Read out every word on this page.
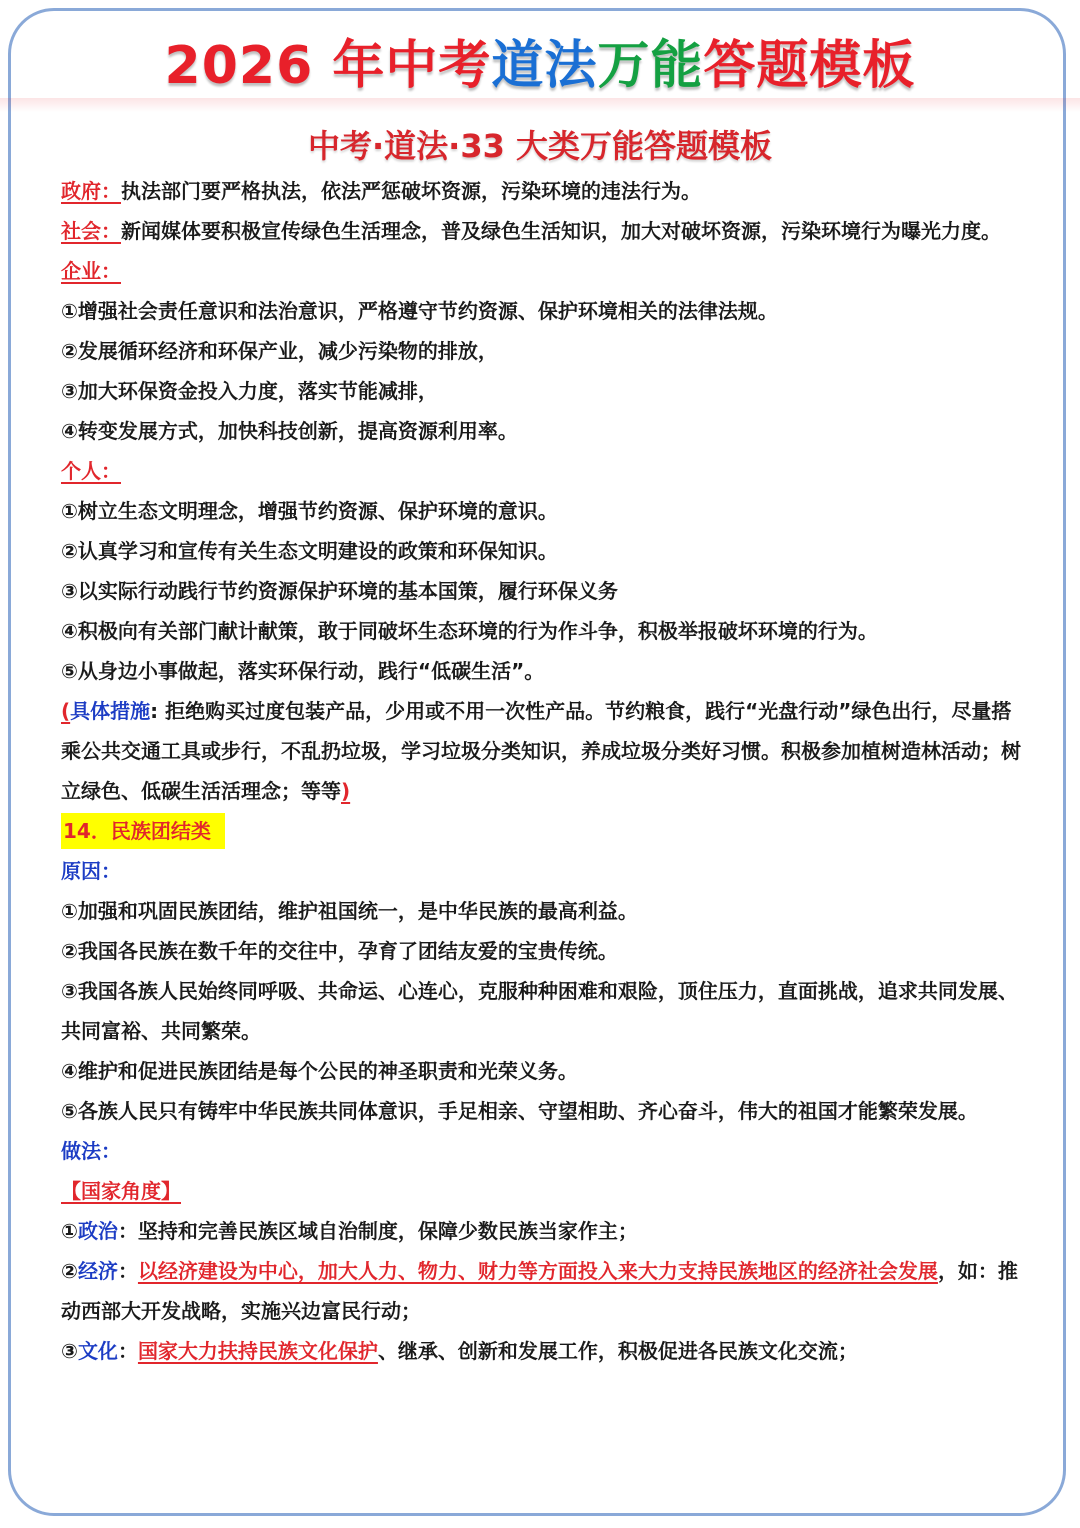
2026 年中考道法万能答题模板
中考·道法·33 大类万能答题模板

政府：执法部门要严格执法，依法严惩破坏资源，污染环境的违法行为。

社会：新闻媒体要积极宣传绿色生活理念，普及绿色生活知识，加大对破坏资源，污染环境行为曝光力度。

企业：

①增强社会责任意识和法治意识，严格遵守节约资源、保护环境相关的法律法规。

②发展循环经济和环保产业，减少污染物的排放，

③加大环保资金投入力度，落实节能减排，

④转变发展方式，加快科技创新，提高资源利用率。

个人：

①树立生态文明理念，增强节约资源、保护环境的意识。

②认真学习和宣传有关生态文明建设的政策和环保知识。

③以实际行动践行节约资源保护环境的基本国策，履行环保义务

④积极向有关部门献计献策，敢于同破坏生态环境的行为作斗争，积极举报破坏环境的行为。

⑤从身边小事做起，落实环保行动，践行“低碳生活”。

(具体措施: 拒绝购买过度包装产品，少用或不用一次性产品。节约粮食，践行“光盘行动”绿色出行，尽量搭乘公共交通工具或步行，不乱扔垃圾，学习垃圾分类知识，养成垃圾分类好习惯。积极参加植树造林活动；树立绿色、低碳生活活理念；等等)

14．民族团结类

原因：

①加强和巩固民族团结，维护祖国统一，是中华民族的最高利益。

②我国各民族在数千年的交往中，孕育了团结友爱的宝贵传统。

③我国各族人民始终同呼吸、共命运、心连心，克服种种困难和艰险，顶住压力，直面挑战，追求共同发展、共同富裕、共同繁荣。

④维护和促进民族团结是每个公民的神圣职责和光荣义务。

⑤各族人民只有铸牢中华民族共同体意识，手足相亲、守望相助、齐心奋斗，伟大的祖国才能繁荣发展。

做法：

【国家角度】

①政治：坚持和完善民族区域自治制度，保障少数民族当家作主；

②经济：以经济建设为中心，加大人力、物力、财力等方面投入来大力支持民族地区的经济社会发展，如：推动西部大开发战略，实施兴边富民行动；

③文化：国家大力扶持民族文化保护、继承、创新和发展工作，积极促进各民族文化交流；
